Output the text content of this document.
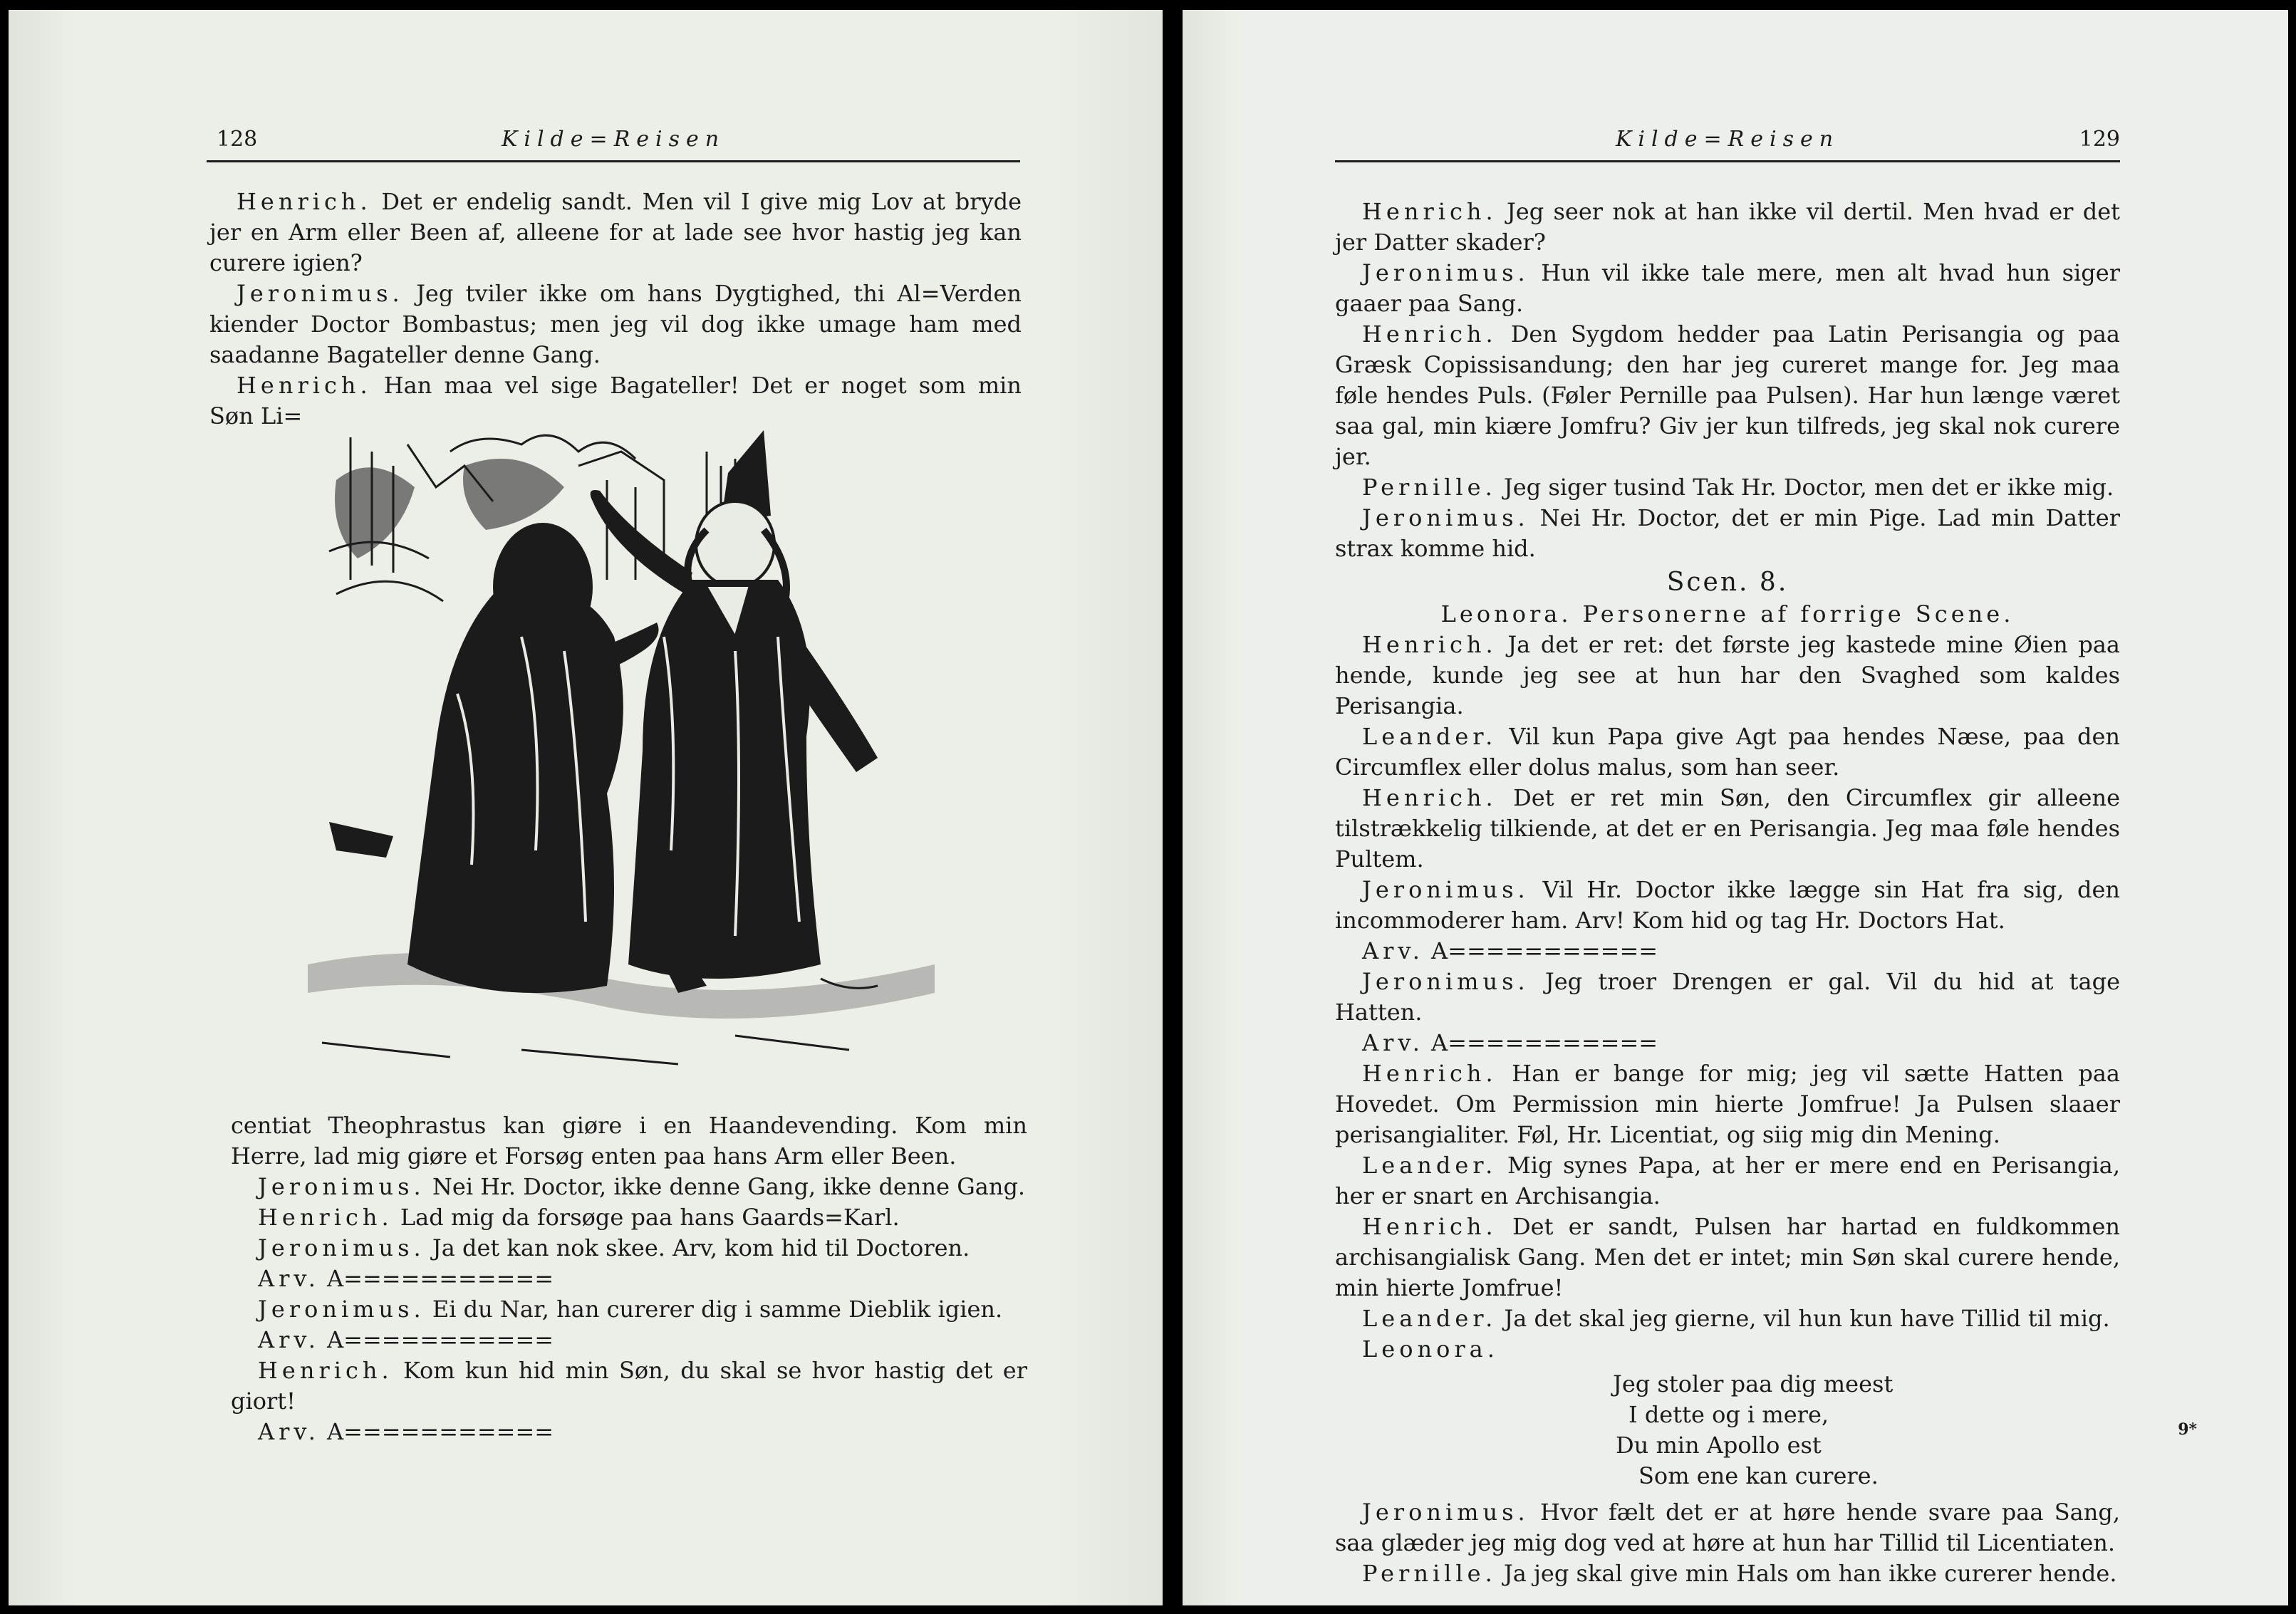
128	Kilde=Reisen

Henrich. Det er endelig sandt. Men vil I give mig Lov at bryde jer en Arm eller Been af, alleene for at lade see hvor hastig jeg kan curere igien?

Jeronimus. Jeg tviler ikke om hans Dygtighed, thi Al=Verden kiender Doctor Bombastus; men jeg vil dog ikke umage ham med saadanne Bagateller denne Gang.

Henrich. Han maa vel sige Bagateller! Det er noget som min Søn Li=

centiat Theophrastus kan giøre i en Haandevending. Kom min Herre, lad mig giøre et Forsøg enten paa hans Arm eller Been.

Jeronimus. Nei Hr. Doctor, ikke denne Gang, ikke denne Gang.

Henrich. Lad mig da forsøge paa hans Gaards=Karl.

Jeronimus. Ja det kan nok skee. Arv, kom hid til Doctoren.

Arv. A===========

Jeronimus. Ei du Nar, han curerer dig i samme Dieblik igien.

Arv. A===========

Henrich. Kom kun hid min Søn, du skal se hvor hastig det er giort!

Arv. A===========

Kilde=Reisen	129

Henrich. Jeg seer nok at han ikke vil dertil. Men hvad er det jer Datter skader?

Jeronimus. Hun vil ikke tale mere, men alt hvad hun siger gaaer paa Sang.

Henrich. Den Sygdom hedder paa Latin Perisangia og paa Græsk Copissisandung; den har jeg cureret mange for. Jeg maa føle hendes Puls. (Føler Pernille paa Pulsen). Har hun længe været saa gal, min kiære Jomfru? Giv jer kun tilfreds, jeg skal nok curere jer.

Pernille. Jeg siger tusind Tak Hr. Doctor, men det er ikke mig.

Jeronimus. Nei Hr. Doctor, det er min Pige. Lad min Datter strax komme hid.

Scen. 8.
Leonora. Personerne af forrige Scene.

Henrich. Ja det er ret: det første jeg kastede mine Øien paa hende, kunde jeg see at hun har den Svaghed som kaldes Perisangia.

Leander. Vil kun Papa give Agt paa hendes Næse, paa den Circumflex eller dolus malus, som han seer.

Henrich. Det er ret min Søn, den Circumflex gir alleene tilstrækkelig tilkiende, at det er en Perisangia. Jeg maa føle hendes Pultem.

Jeronimus. Vil Hr. Doctor ikke lægge sin Hat fra sig, den incommoderer ham. Arv! Kom hid og tag Hr. Doctors Hat.

Arv. A===========

Jeronimus. Jeg troer Drengen er gal. Vil du hid at tage Hatten.

Arv. A===========

Henrich. Han er bange for mig; jeg vil sætte Hatten paa Hovedet. Om Permission min hierte Jomfrue! Ja Pulsen slaaer perisangialiter. Føl, Hr. Licentiat, og siig mig din Mening.

Leander. Mig synes Papa, at her er mere end en Perisangia, her er snart en Archisangia.

Henrich. Det er sandt, Pulsen har hartad en fuldkommen archisangialisk Gang. Men det er intet; min Søn skal curere hende, min hierte Jomfrue!

Leander. Ja det skal jeg gierne, vil hun kun have Tillid til mig.

Leonora.

Jeg stoler paa dig meest
I dette og i mere,
Du min Apollo est
Som ene kan curere.

Jeronimus. Hvor fælt det er at høre hende svare paa Sang, saa glæder jeg mig dog ved at høre at hun har Tillid til Licentiaten.

Pernille. Ja jeg skal give min Hals om han ikke curerer hende.

9*
